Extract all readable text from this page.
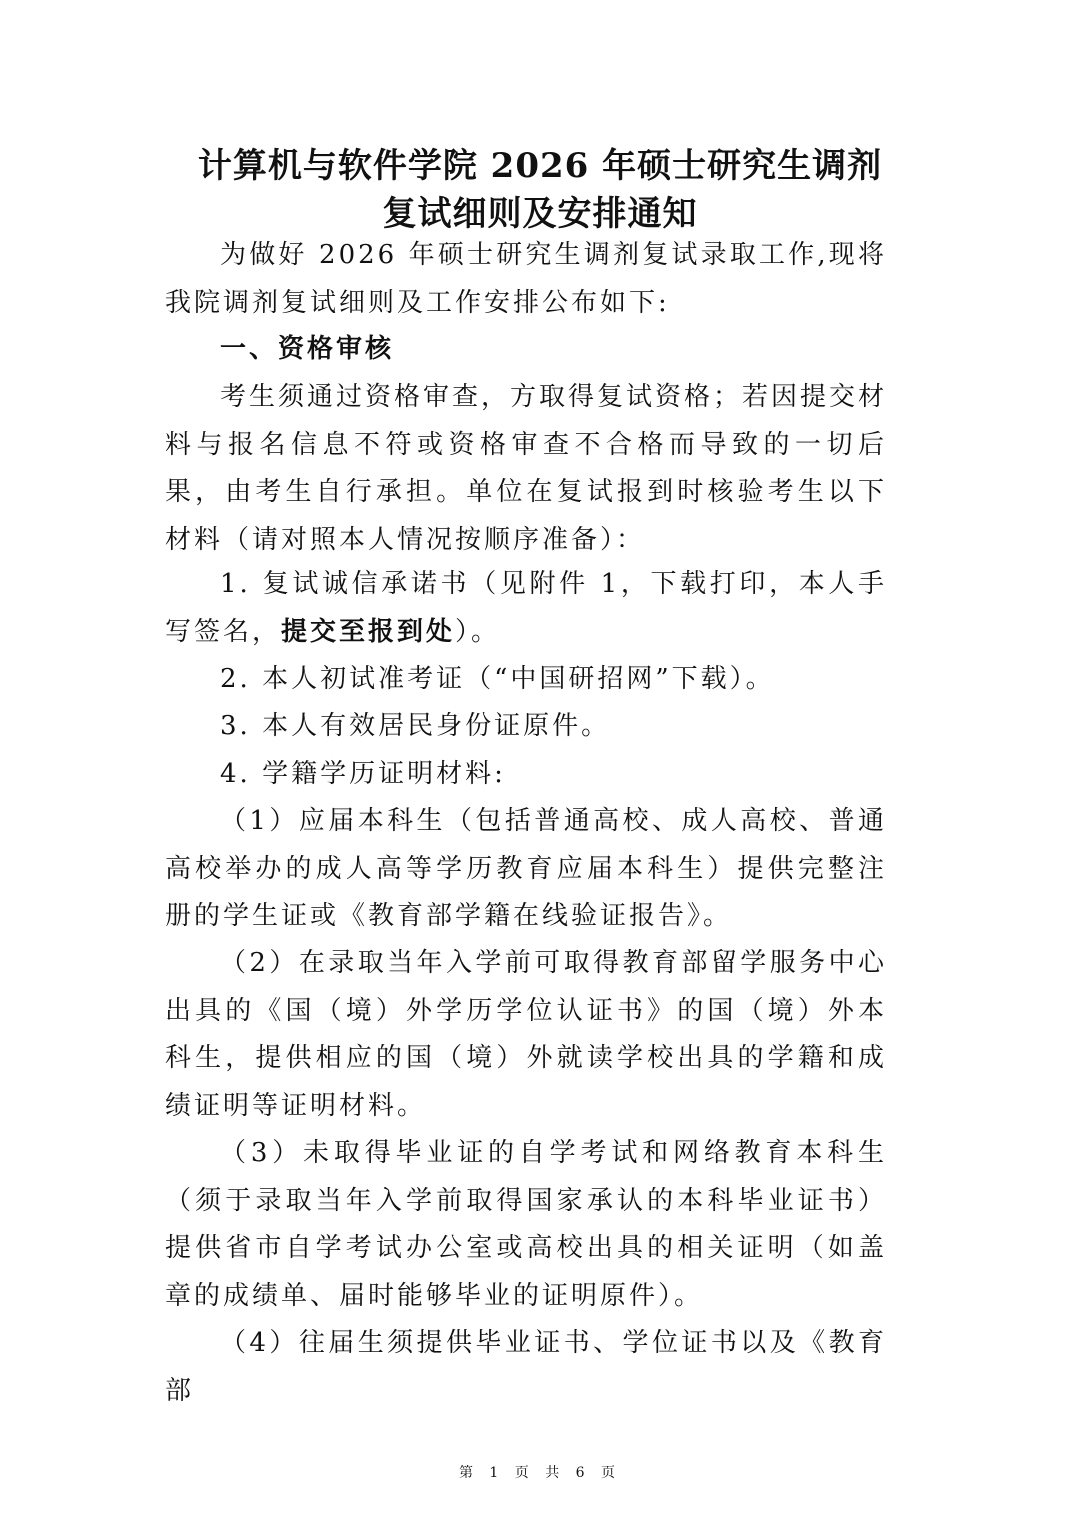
计算机与软件学院 2026 年硕士研究生调剂
复试细则及安排通知
为做好 2026 年硕士研究生调剂复试录取工作,现将我院调剂复试细则及工作安排公布如下:
一、资格审核
考生须通过资格审查，方取得复试资格；若因提交材料与报名信息不符或资格审查不合格而导致的一切后果，由考生自行承担。单位在复试报到时核验考生以下材料（请对照本人情况按顺序准备）：
1. 复试诚信承诺书（见附件 1，下载打印，本人手写签名，提交至报到处）。
2. 本人初试准考证（“中国研招网”下载）。
3. 本人有效居民身份证原件。
4. 学籍学历证明材料:
（1）应届本科生（包括普通高校、成人高校、普通高校举办的成人高等学历教育应届本科生）提供完整注册的学生证或《教育部学籍在线验证报告》。
（2）在录取当年入学前可取得教育部留学服务中心出具的《国（境）外学历学位认证书》的国（境）外本科生，提供相应的国（境）外就读学校出具的学籍和成绩证明等证明材料。
（3）未取得毕业证的自学考试和网络教育本科生（须于录取当年入学前取得国家承认的本科毕业证书）提供省市自学考试办公室或高校出具的相关证明（如盖章的成绩单、届时能够毕业的证明原件）。
（4）往届生须提供毕业证书、学位证书以及《教育部
第 1 页 共 6 页
